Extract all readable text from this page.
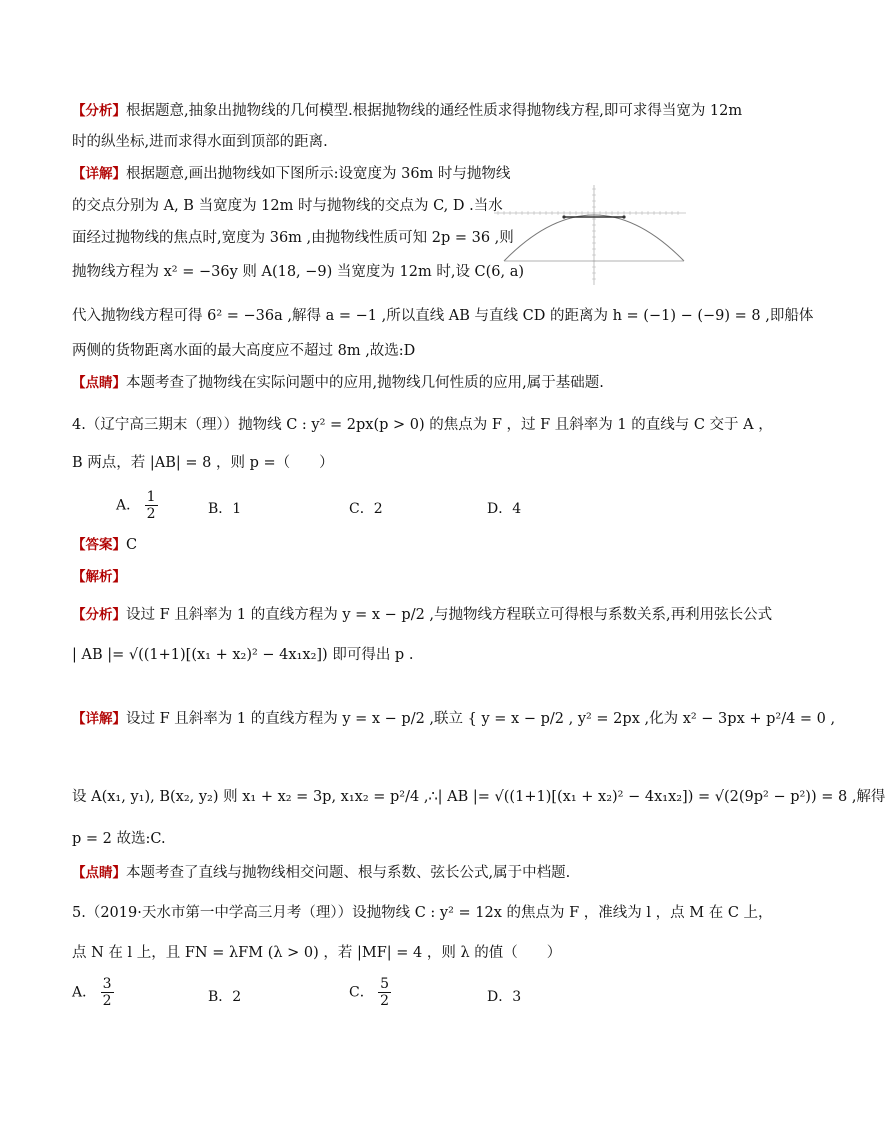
【分析】根据题意,抽象出抛物线的几何模型.根据抛物线的通经性质求得抛物线方程,即可求得当宽为 12m
时的纵坐标,进而求得水面到顶部的距离.
【详解】根据题意,画出抛物线如下图所示:设宽度为 36m 时与抛物线
的交点分别为 A, B 当宽度为 12m 时与抛物线的交点为 C, D .当水
面经过抛物线的焦点时,宽度为 36m ,由抛物线性质可知 2p = 36 ,则
抛物线方程为 x² = −36y 则 A(18, −9) 当宽度为 12m 时,设 C(6, a)
代入抛物线方程可得 6² = −36a ,解得 a = −1 ,所以直线 AB 与直线 CD 的距离为 h = (−1) − (−9) = 8 ,即船体
两侧的货物距离水面的最大高度应不超过 8m ,故选:D
【点睛】本题考查了抛物线在实际问题中的应用,抛物线几何性质的应用,属于基础题.
4.（辽宁高三期末（理））抛物线 C : y² = 2px(p > 0) 的焦点为 F ，过 F 且斜率为 1 的直线与 C 交于 A ，
B 两点，若 |AB| = 8 ，则 p =（　　）
A． $\frac{1}{2}$	B．1	C．2	D．4
【答案】C
【解析】
【分析】设过 F 且斜率为 1 的直线方程为 y = x − p/2 ,与抛物线方程联立可得根与系数关系,再利用弦长公式
| AB |= √((1+1)[(x₁ + x₂)² − 4x₁x₂]) 即可得出 p .
【详解】设过 F 且斜率为 1 的直线方程为 y = x − p/2 ,联立 { y = x − p/2 , y² = 2px ,化为 x² − 3px + p²/4 = 0 ,
设 A(x₁, y₁), B(x₂, y₂) 则 x₁ + x₂ = 3p, x₁x₂ = p²/4 ,∴| AB |= √((1+1)[(x₁ + x₂)² − 4x₁x₂]) = √(2(9p² − p²)) = 8 ,解得
p = 2 故选:C.
【点睛】本题考查了直线与抛物线相交问题、根与系数、弦长公式,属于中档题.
5.（2019·天水市第一中学高三月考（理））设抛物线 C : y² = 12x 的焦点为 F ，准线为 l ，点 M 在 C 上，
点 N 在 l 上，且 FN = λFM (λ > 0) ，若 |MF| = 4 ，则 λ 的值（　　）
A． $\frac{3}{2}$	B．2	C． $\frac{5}{2}$	D．3
